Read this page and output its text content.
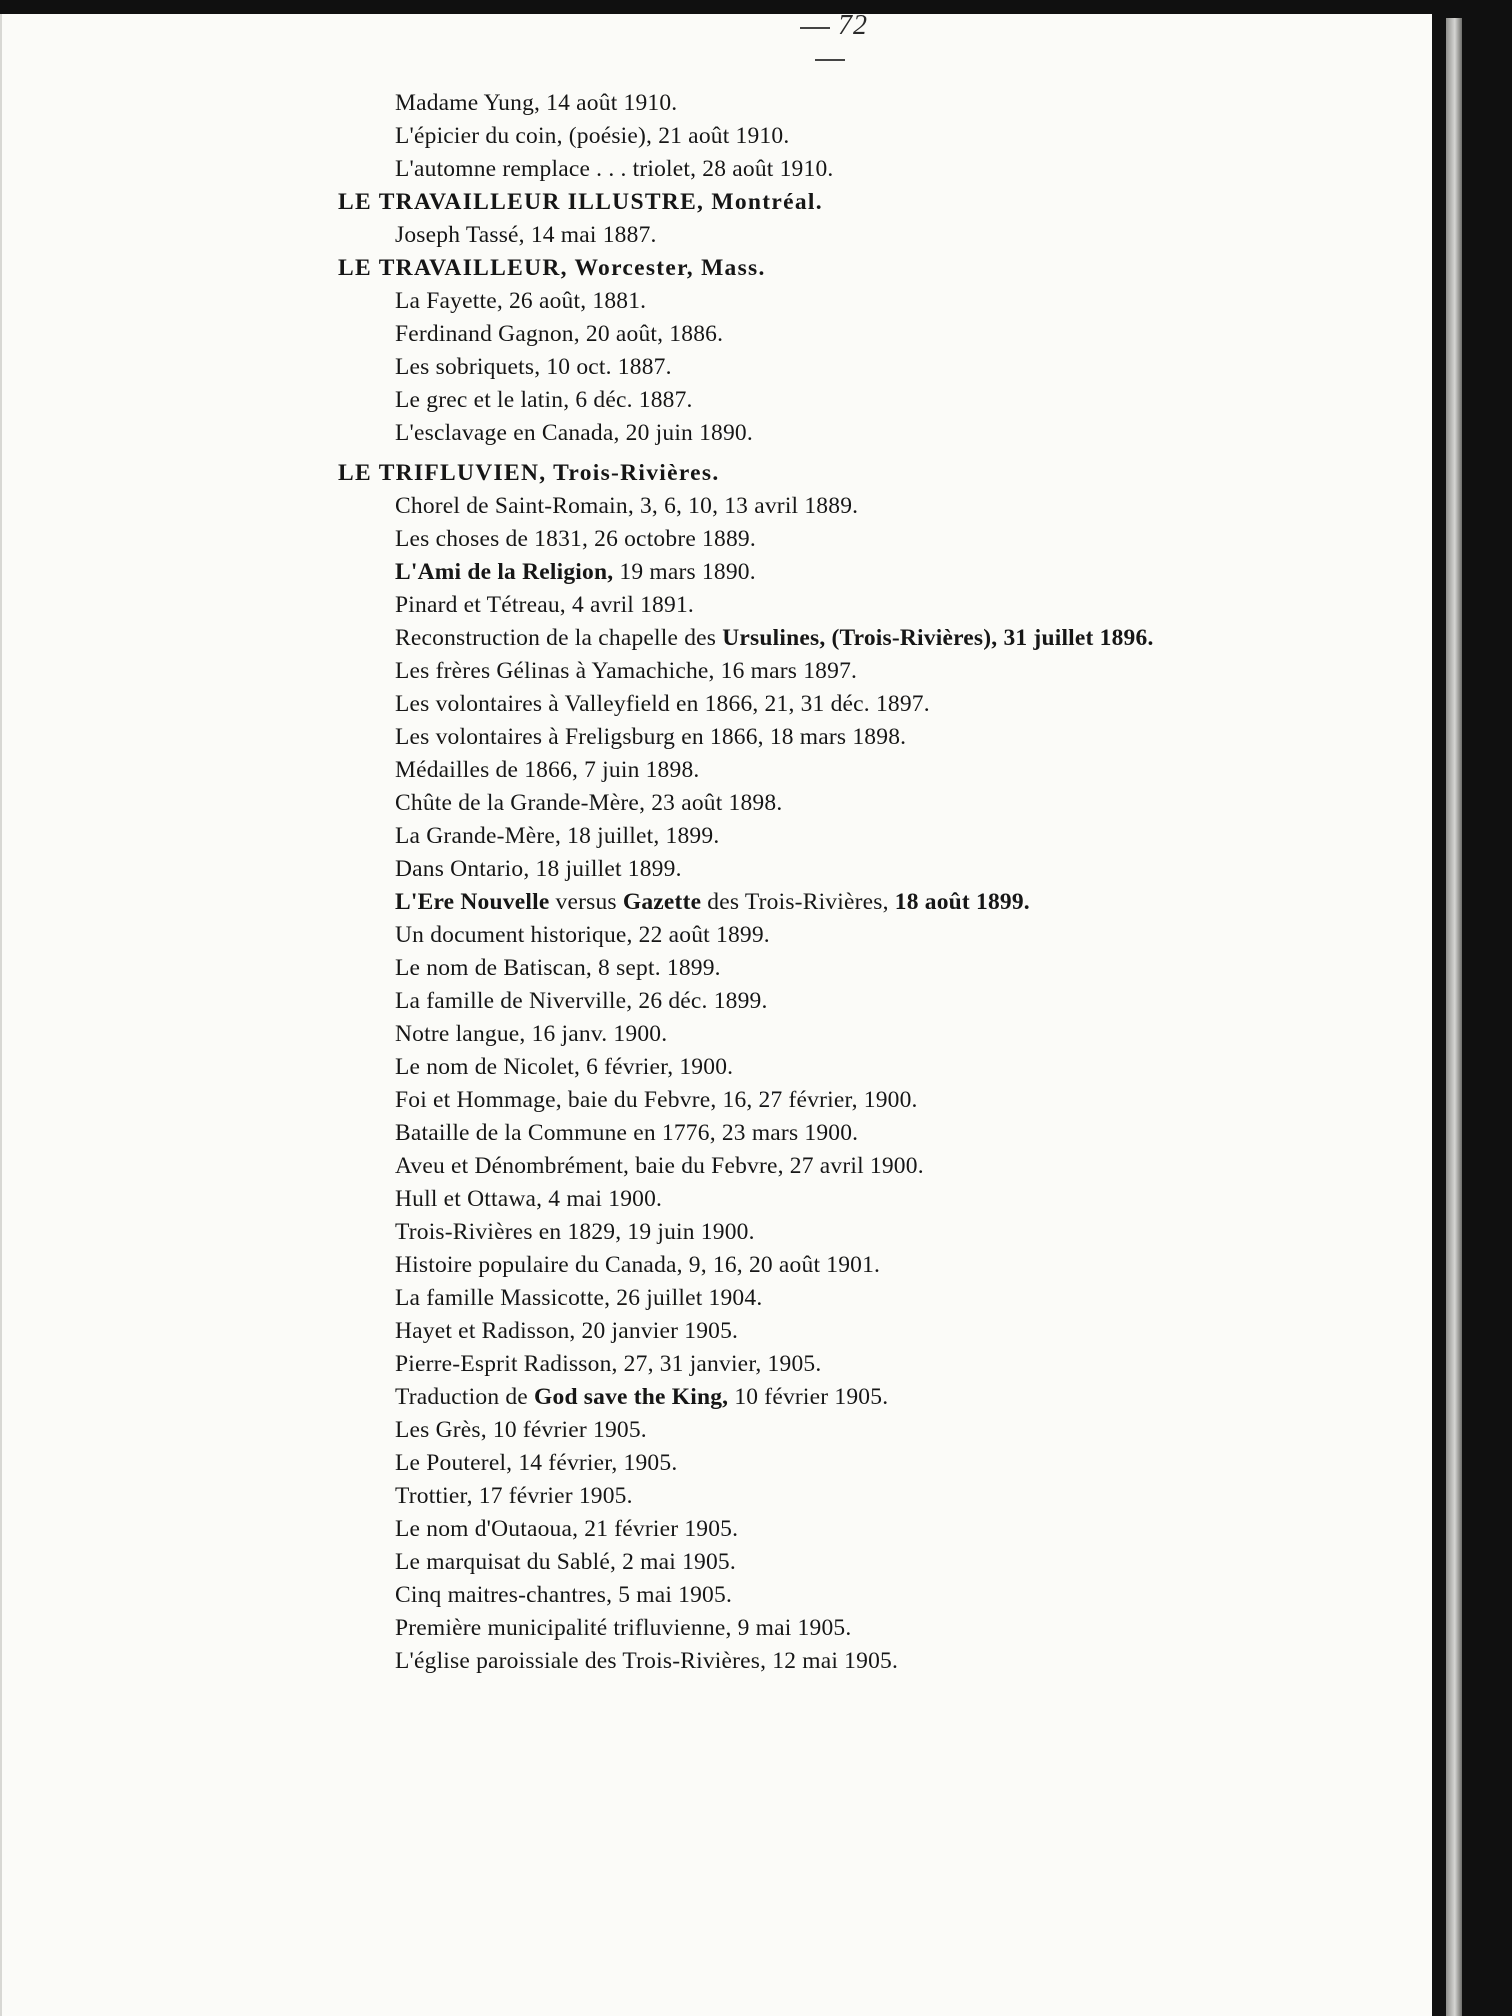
72
Madame Yung, 14 août 1910.
L'épicier du coin, (poésie), 21 août 1910.
L'automne remplace . . . triolet, 28 août 1910.
LE TRAVAILLEUR ILLUSTRE, Montréal.
Joseph Tassé, 14 mai 1887.
LE TRAVAILLEUR, Worcester, Mass.
La Fayette, 26 août, 1881.
Ferdinand Gagnon, 20 août, 1886.
Les sobriquets, 10 oct. 1887.
Le grec et le latin, 6 déc. 1887.
L'esclavage en Canada, 20 juin 1890.
LE TRIFLUVIEN, Trois-Rivières.
Chorel de Saint-Romain, 3, 6, 10, 13 avril 1889.
Les choses de 1831, 26 octobre 1889.
L'Ami de la Religion, 19 mars 1890.
Pinard et Tétreau, 4 avril 1891.
Reconstruction de la chapelle des Ursulines, (Trois-Rivières), 31 juillet 1896.
Les frères Gélinas à Yamachiche, 16 mars 1897.
Les volontaires à Valleyfield en 1866, 21, 31 déc. 1897.
Les volontaires à Freligsburg en 1866, 18 mars 1898.
Médailles de 1866, 7 juin 1898.
Chûte de la Grande-Mère, 23 août 1898.
La Grande-Mère, 18 juillet, 1899.
Dans Ontario, 18 juillet 1899.
L'Ere Nouvelle versus Gazette des Trois-Rivières, 18 août 1899.
Un document historique, 22 août 1899.
Le nom de Batiscan, 8 sept. 1899.
La famille de Niverville, 26 déc. 1899.
Notre langue, 16 janv. 1900.
Le nom de Nicolet, 6 février, 1900.
Foi et Hommage, baie du Febvre, 16, 27 février, 1900.
Bataille de la Commune en 1776, 23 mars 1900.
Aveu et Dénombrément, baie du Febvre, 27 avril 1900.
Hull et Ottawa, 4 mai 1900.
Trois-Rivières en 1829, 19 juin 1900.
Histoire populaire du Canada, 9, 16, 20 août 1901.
La famille Massicotte, 26 juillet 1904.
Hayet et Radisson, 20 janvier 1905.
Pierre-Esprit Radisson, 27, 31 janvier, 1905.
Traduction de God save the King, 10 février 1905.
Les Grès, 10 février 1905.
Le Pouterel, 14 février, 1905.
Trottier, 17 février 1905.
Le nom d'Outaoua, 21 février 1905.
Le marquisat du Sablé, 2 mai 1905.
Cinq maitres-chantres, 5 mai 1905.
Première municipalité trifluvienne, 9 mai 1905.
L'église paroissiale des Trois-Rivières, 12 mai 1905.
